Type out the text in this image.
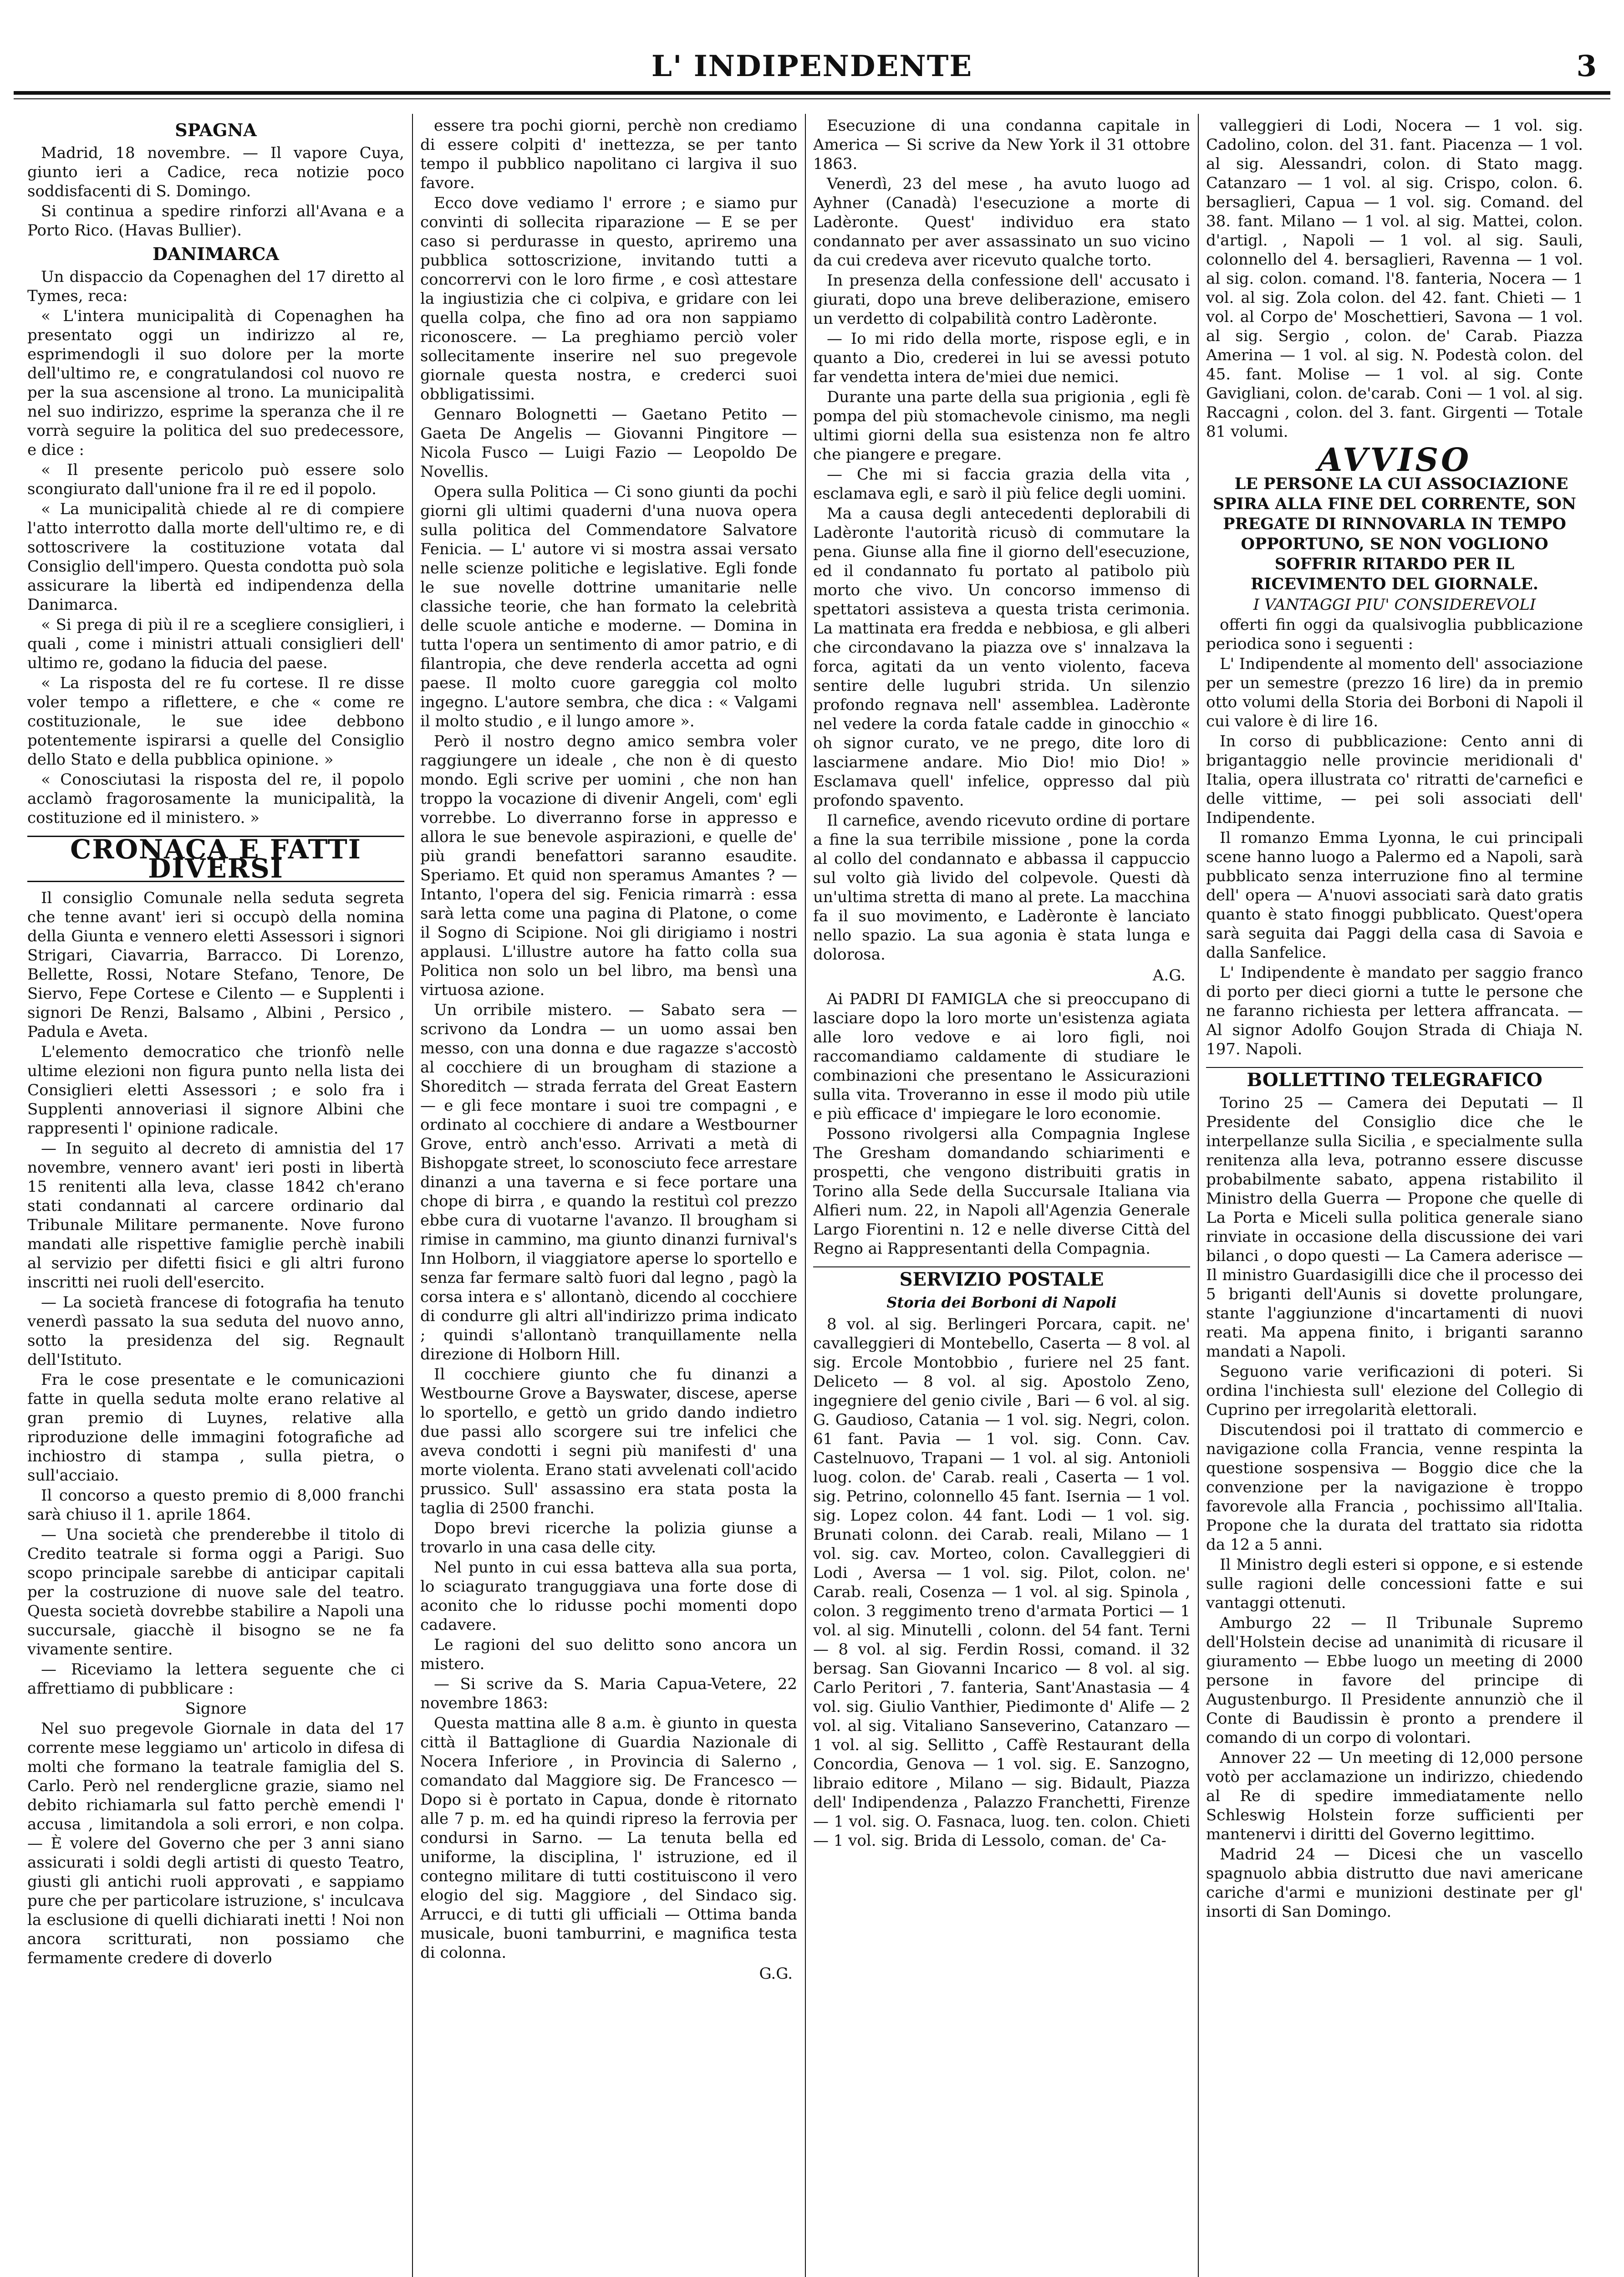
L' INDIPENDENTE	3
SPAGNA

Madrid, 18 novembre. — Il vapore Cuya, giunto ieri a Cadice, reca notizie poco soddisfacenti di S. Domingo.

Si continua a spedire rinforzi all'Avana e a Porto Rico. (Havas Bullier).

DANIMARCA

Un dispaccio da Copenaghen del 17 diretto al Tymes, reca:

« L'intera municipalità di Copenaghen ha presentato oggi un indirizzo al re, esprimendogli il suo dolore per la morte dell'ultimo re, e congratulandosi col nuovo re per la sua ascensione al trono. La municipalità nel suo indirizzo, esprime la speranza che il re vorrà seguire la politica del suo predecessore, e dice :

« Il presente pericolo può essere solo scongiurato dall'unione fra il re ed il popolo.

« La municipalità chiede al re di compiere l'atto interrotto dalla morte dell'ultimo re, e di sottoscrivere la costituzione votata dal Consiglio dell'impero. Questa condotta può sola assicurare la libertà ed indipendenza della Danimarca.

« Si prega di più il re a scegliere consiglieri, i quali , come i ministri attuali consiglieri dell' ultimo re, godano la fiducia del paese.

« La risposta del re fu cortese. Il re disse voler tempo a riflettere, e che « come re costituzionale, le sue idee debbono potentemente ispirarsi a quelle del Consiglio dello Stato e della pubblica opinione. »

« Conosciutasi la risposta del re, il popolo acclamò fragorosamente la municipalità, la costituzione ed il ministero. »

CRONACA E FATTI DIVERSI

Il consiglio Comunale nella seduta segreta che tenne avant' ieri si occupò della nomina della Giunta e vennero eletti Assessori i signori Strigari, Ciavarria, Barracco. Di Lorenzo, Bellette, Rossi, Notare Stefano, Tenore, De Siervo, Fepe Cortese e Cilento — e Supplenti i signori De Renzi, Balsamo , Albini , Persico , Padula e Aveta.

L'elemento democratico che trionfò nelle ultime elezioni non figura punto nella lista dei Consiglieri eletti Assessori ; e solo fra i Supplenti annoveriasi il signore Albini che rappresenti l' opinione radicale.

— In seguito al decreto di amnistia del 17 novembre, vennero avant' ieri posti in libertà 15 renitenti alla leva, classe 1842 ch'erano stati condannati al carcere ordinario dal Tribunale Militare permanente. Nove furono mandati alle rispettive famiglie perchè inabili al servizio per difetti fisici e gli altri furono inscritti nei ruoli dell'esercito.

— La società francese di fotografia ha tenuto venerdì passato la sua seduta del nuovo anno, sotto la presidenza del sig. Regnault dell'Istituto.

Fra le cose presentate e le comunicazioni fatte in quella seduta molte erano relative al gran premio di Luynes, relative alla riproduzione delle immagini fotografiche ad inchiostro di stampa , sulla pietra, o sull'acciaio.

Il concorso a questo premio di 8,000 franchi sarà chiuso il 1. aprile 1864.

— Una società che prenderebbe il titolo di Credito teatrale si forma oggi a Parigi. Suo scopo principale sarebbe di anticipar capitali per la costruzione di nuove sale del teatro. Questa società dovrebbe stabilire a Napoli una succursale, giacchè il bisogno se ne fa vivamente sentire.

— Riceviamo la lettera seguente che ci affrettiamo di pubblicare :

Signore

Nel suo pregevole Giornale in data del 17 corrente mese leggiamo un' articolo in difesa di molti che formano la teatrale famiglia del S. Carlo. Però nel renderglicne grazie, siamo nel debito richiamarla sul fatto perchè emendi l' accusa , limitandola a soli errori, e non colpa. — È volere del Governo che per 3 anni siano assicurati i soldi degli artisti di questo Teatro, giusti gli antichi ruoli approvati , e sappiamo pure che per particolare istruzione, s' inculcava la esclusione di quelli dichiarati inetti ! Noi non ancora scritturati, non possiamo che fermamente credere di doverlo

essere tra pochi giorni, perchè non crediamo di essere colpiti d' inettezza, se per tanto tempo il pubblico napolitano ci largiva il suo favore.

Ecco dove vediamo l' errore ; e siamo pur convinti di sollecita riparazione — E se per caso si perdurasse in questo, apriremo una pubblica sottoscrizione, invitando tutti a concorrervi con le loro firme , e così attestare la ingiustizia che ci colpiva, e gridare con lei quella colpa, che fino ad ora non sappiamo riconoscere. — La preghiamo perciò voler sollecitamente inserire nel suo pregevole giornale questa nostra, e crederci suoi obbligatissimi.

Gennaro Bolognetti — Gaetano Petito — Gaeta De Angelis — Giovanni Pingitore — Nicola Fusco — Luigi Fazio — Leopoldo De Novellis.

Opera sulla Politica — Ci sono giunti da pochi giorni gli ultimi quaderni d'una nuova opera sulla politica del Commendatore Salvatore Fenicia. — L' autore vi si mostra assai versato nelle scienze politiche e legislative. Egli fonde le sue novelle dottrine umanitarie nelle classiche teorie, che han formato la celebrità delle scuole antiche e moderne. — Domina in tutta l'opera un sentimento di amor patrio, e di filantropia, che deve renderla accetta ad ogni paese. Il molto cuore gareggia col molto ingegno. L'autore sembra, che dica : « Valgami il molto studio , e il lungo amore ».

Però il nostro degno amico sembra voler raggiungere un ideale , che non è di questo mondo. Egli scrive per uomini , che non han troppo la vocazione di divenir Angeli, com' egli vorrebbe. Lo diverranno forse in appresso e allora le sue benevole aspirazioni, e quelle de' più grandi benefattori saranno esaudite. Speriamo. Et quid non speramus Amantes ? — Intanto, l'opera del sig. Fenicia rimarrà : essa sarà letta come una pagina di Platone, o come il Sogno di Scipione. Noi gli dirigiamo i nostri applausi. L'illustre autore ha fatto colla sua Politica non solo un bel libro, ma bensì una virtuosa azione.

Un orribile mistero. — Sabato sera — scrivono da Londra — un uomo assai ben messo, con una donna e due ragazze s'accostò al cocchiere di un brougham di stazione a Shoreditch — strada ferrata del Great Eastern — e gli fece montare i suoi tre compagni , e ordinato al cocchiere di andare a Westbourner Grove, entrò anch'esso. Arrivati a metà di Bishopgate street, lo sconosciuto fece arrestare dinanzi a una taverna e si fece portare una chope di birra , e quando la restituì col prezzo ebbe cura di vuotarne l'avanzo. Il brougham si rimise in cammino, ma giunto dinanzi furnival's Inn Holborn, il viaggiatore aperse lo sportello e senza far fermare saltò fuori dal legno , pagò la corsa intera e s' allontanò, dicendo al cocchiere di condurre gli altri all'indirizzo prima indicato ; quindi s'allontanò tranquillamente nella direzione di Holborn Hill.

Il cocchiere giunto che fu dinanzi a Westbourne Grove a Bayswater, discese, aperse lo sportello, e gettò un grido dando indietro due passi allo scorgere sui tre infelici che aveva condotti i segni più manifesti d' una morte violenta. Erano stati avvelenati coll'acido prussico. Sull' assassino era stata posta la taglia di 2500 franchi.

Dopo brevi ricerche la polizia giunse a trovarlo in una casa delle city.

Nel punto in cui essa batteva alla sua porta, lo sciagurato tranguggiava una forte dose di aconito che lo ridusse pochi momenti dopo cadavere.

Le ragioni del suo delitto sono ancora un mistero.

— Si scrive da S. Maria Capua-Vetere, 22 novembre 1863:

Questa mattina alle 8 a.m. è giunto in questa città il Battaglione di Guardia Nazionale di Nocera Inferiore , in Provincia di Salerno , comandato dal Maggiore sig. De Francesco — Dopo si è portato in Capua, donde è ritornato alle 7 p. m. ed ha quindi ripreso la ferrovia per condursi in Sarno. — La tenuta bella ed uniforme, la disciplina, l' istruzione, ed il contegno militare di tutti costituiscono il vero elogio del sig. Maggiore , del Sindaco sig. Arrucci, e di tutti gli ufficiali — Ottima banda musicale, buoni tamburrini, e magnifica testa di colonna.

G.G.

Esecuzione di una condanna capitale in America — Si scrive da New York il 31 ottobre 1863.

Venerdì, 23 del mese , ha avuto luogo ad Ayhner (Canadà) l'esecuzione a morte di Ladèronte. Quest' individuo era stato condannato per aver assassinato un suo vicino da cui credeva aver ricevuto qualche torto.

In presenza della confessione dell' accusato i giurati, dopo una breve deliberazione, emisero un verdetto di colpabilità contro Ladèronte.

— Io mi rido della morte, rispose egli, e in quanto a Dio, crederei in lui se avessi potuto far vendetta intera de'miei due nemici.

Durante una parte della sua prigionia , egli fè pompa del più stomachevole cinismo, ma negli ultimi giorni della sua esistenza non fe altro che piangere e pregare.

— Che mi si faccia grazia della vita , esclamava egli, e sarò il più felice degli uomini.

Ma a causa degli antecedenti deplorabili di Ladèronte l'autorità ricusò di commutare la pena. Giunse alla fine il giorno dell'esecuzione, ed il condannato fu portato al patibolo più morto che vivo. Un concorso immenso di spettatori assisteva a questa trista cerimonia. La mattinata era fredda e nebbiosa, e gli alberi che circondavano la piazza ove s' innalzava la forca, agitati da un vento violento, faceva sentire delle lugubri strida. Un silenzio profondo regnava nell' assemblea. Ladèronte nel vedere la corda fatale cadde in ginocchio « oh signor curato, ve ne prego, dite loro di lasciarmene andare. Mio Dio! mio Dio! » Esclamava quell' infelice, oppresso dal più profondo spavento.

Il carnefice, avendo ricevuto ordine di portare a fine la sua terribile missione , pone la corda al collo del condannato e abbassa il cappuccio sul volto già livido del colpevole. Questi dà un'ultima stretta di mano al prete. La macchina fa il suo movimento, e Ladèronte è lanciato nello spazio. La sua agonia è stata lunga e dolorosa.

A.G.

Ai PADRI DI FAMIGLA che si preoccupano di lasciare dopo la loro morte un'esistenza agiata alle loro vedove e ai loro figli, noi raccomandiamo caldamente di studiare le combinazioni che presentano le Assicurazioni sulla vita. Troveranno in esse il modo più utile e più efficace d' impiegare le loro economie.

Possono rivolgersi alla Compagnia Inglese The Gresham domandando schiarimenti e prospetti, che vengono distribuiti gratis in Torino alla Sede della Succursale Italiana via Alfieri num. 22, in Napoli all'Agenzia Generale Largo Fiorentini n. 12 e nelle diverse Città del Regno ai Rappresentanti della Compagnia.

SERVIZIO POSTALE
Storia dei Borboni di Napoli

8 vol. al sig. Berlingeri Porcara, capit. ne' cavalleggieri di Montebello, Caserta — 8 vol. al sig. Ercole Montobbio , furiere nel 25 fant. Deliceto — 8 vol. al sig. Apostolo Zeno, ingegniere del genio civile , Bari — 6 vol. al sig. G. Gaudioso, Catania — 1 vol. sig. Negri, colon. 61 fant. Pavia — 1 vol. sig. Conn. Cav. Castelnuovo, Trapani — 1 vol. al sig. Antonioli luog. colon. de' Carab. reali , Caserta — 1 vol. sig. Petrino, colonnello 45 fant. Isernia — 1 vol. sig. Lopez colon. 44 fant. Lodi — 1 vol. sig. Brunati colonn. dei Carab. reali, Milano — 1 vol. sig. cav. Morteo, colon. Cavalleggieri di Lodi , Aversa — 1 vol. sig. Pilot, colon. ne' Carab. reali, Cosenza — 1 vol. al sig. Spinola , colon. 3 reggimento treno d'armata Portici — 1 vol. al sig. Minutelli , colonn. del 54 fant. Terni — 8 vol. al sig. Ferdin Rossi, comand. il 32 bersag. San Giovanni Incarico — 8 vol. al sig. Carlo Peritori , 7. fanteria, Sant'Anastasia — 4 vol. sig. Giulio Vanthier, Piedimonte d' Alife — 2 vol. al sig. Vitaliano Sanseverino, Catanzaro — 1 vol. al sig. Sellitto , Caffè Restaurant della Concordia, Genova — 1 vol. sig. E. Sanzogno, libraio editore , Milano — sig. Bidault, Piazza dell' Indipendenza , Palazzo Franchetti, Firenze — 1 vol. sig. O. Fasnaca, luog. ten. colon. Chieti — 1 vol. sig. Brida di Lessolo, coman. de' Ca-

valleggieri di Lodi, Nocera — 1 vol. sig. Cadolino, colon. del 31. fant. Piacenza — 1 vol. al sig. Alessandri, colon. di Stato magg. Catanzaro — 1 vol. al sig. Crispo, colon. 6. bersaglieri, Capua — 1 vol. sig. Comand. del 38. fant. Milano — 1 vol. al sig. Mattei, colon. d'artigl. , Napoli — 1 vol. al sig. Sauli, colonnello del 4. bersaglieri, Ravenna — 1 vol. al sig. colon. comand. l'8. fanteria, Nocera — 1 vol. al sig. Zola colon. del 42. fant. Chieti — 1 vol. al Corpo de' Moschettieri, Savona — 1 vol. al sig. Sergio , colon. de' Carab. Piazza Amerina — 1 vol. al sig. N. Podestà colon. del 45. fant. Molise — 1 vol. al sig. Conte Gavigliani, colon. de'carab. Coni — 1 vol. al sig. Raccagni , colon. del 3. fant. Girgenti — Totale 81 volumi.

AVVISO

LE PERSONE LA CUI ASSOCIAZIONE SPIRA ALLA FINE DEL CORRENTE, SON PREGATE DI RINNOVARLA IN TEMPO OPPORTUNO, SE NON VOGLIONO SOFFRIR RITARDO PER IL RICEVIMENTO DEL GIORNALE.

I VANTAGGI PIU' CONSIDEREVOLI

offerti fin oggi da qualsivoglia pubblicazione periodica sono i seguenti :

L' Indipendente al momento dell' associazione per un semestre (prezzo 16 lire) da in premio otto volumi della Storia dei Borboni di Napoli il cui valore è di lire 16.

In corso di pubblicazione: Cento anni di brigantaggio nelle provincie meridionali d' Italia, opera illustrata co' ritratti de'carnefici e delle vittime, — pei soli associati dell' Indipendente.

Il romanzo Emma Lyonna, le cui principali scene hanno luogo a Palermo ed a Napoli, sarà pubblicato senza interruzione fino al termine dell' opera — A'nuovi associati sarà dato gratis quanto è stato finoggi pubblicato. Quest'opera sarà seguita dai Paggi della casa di Savoia e dalla Sanfelice.

L' Indipendente è mandato per saggio franco di porto per dieci giorni a tutte le persone che ne faranno richiesta per lettera affrancata. — Al signor Adolfo Goujon Strada di Chiaja N. 197. Napoli.

BOLLETTINO TELEGRAFICO

Torino 25 — Camera dei Deputati — Il Presidente del Consiglio dice che le interpellanze sulla Sicilia , e specialmente sulla renitenza alla leva, potranno essere discusse probabilmente sabato, appena ristabilito il Ministro della Guerra — Propone che quelle di La Porta e Miceli sulla politica generale siano rinviate in occasione della discussione dei vari bilanci , o dopo questi — La Camera aderisce — Il ministro Guardasigilli dice che il processo dei 5 briganti dell'Aunis si dovette prolungare, stante l'aggiunzione d'incartamenti di nuovi reati. Ma appena finito, i briganti saranno mandati a Napoli.

Seguono varie verificazioni di poteri. Si ordina l'inchiesta sull' elezione del Collegio di Cuprino per irregolarità elettorali.

Discutendosi poi il trattato di commercio e navigazione colla Francia, venne respinta la questione sospensiva — Boggio dice che la convenzione per la navigazione è troppo favorevole alla Francia , pochissimo all'Italia. Propone che la durata del trattato sia ridotta da 12 a 5 anni.

Il Ministro degli esteri si oppone, e si estende sulle ragioni delle concessioni fatte e sui vantaggi ottenuti.

Amburgo 22 — Il Tribunale Supremo dell'Holstein decise ad unanimità di ricusare il giuramento — Ebbe luogo un meeting di 2000 persone in favore del principe di Augustenburgo. Il Presidente annunziò che il Conte di Baudissin è pronto a prendere il comando di un corpo di volontari.

Annover 22 — Un meeting di 12,000 persone votò per acclamazione un indirizzo, chiedendo al Re di spedire immediatamente nello Schleswig Holstein forze sufficienti per mantenervi i diritti del Governo legittimo.

Madrid 24 — Dicesi che un vascello spagnuolo abbia distrutto due navi americane cariche d'armi e munizioni destinate per gl' insorti di San Domingo.
